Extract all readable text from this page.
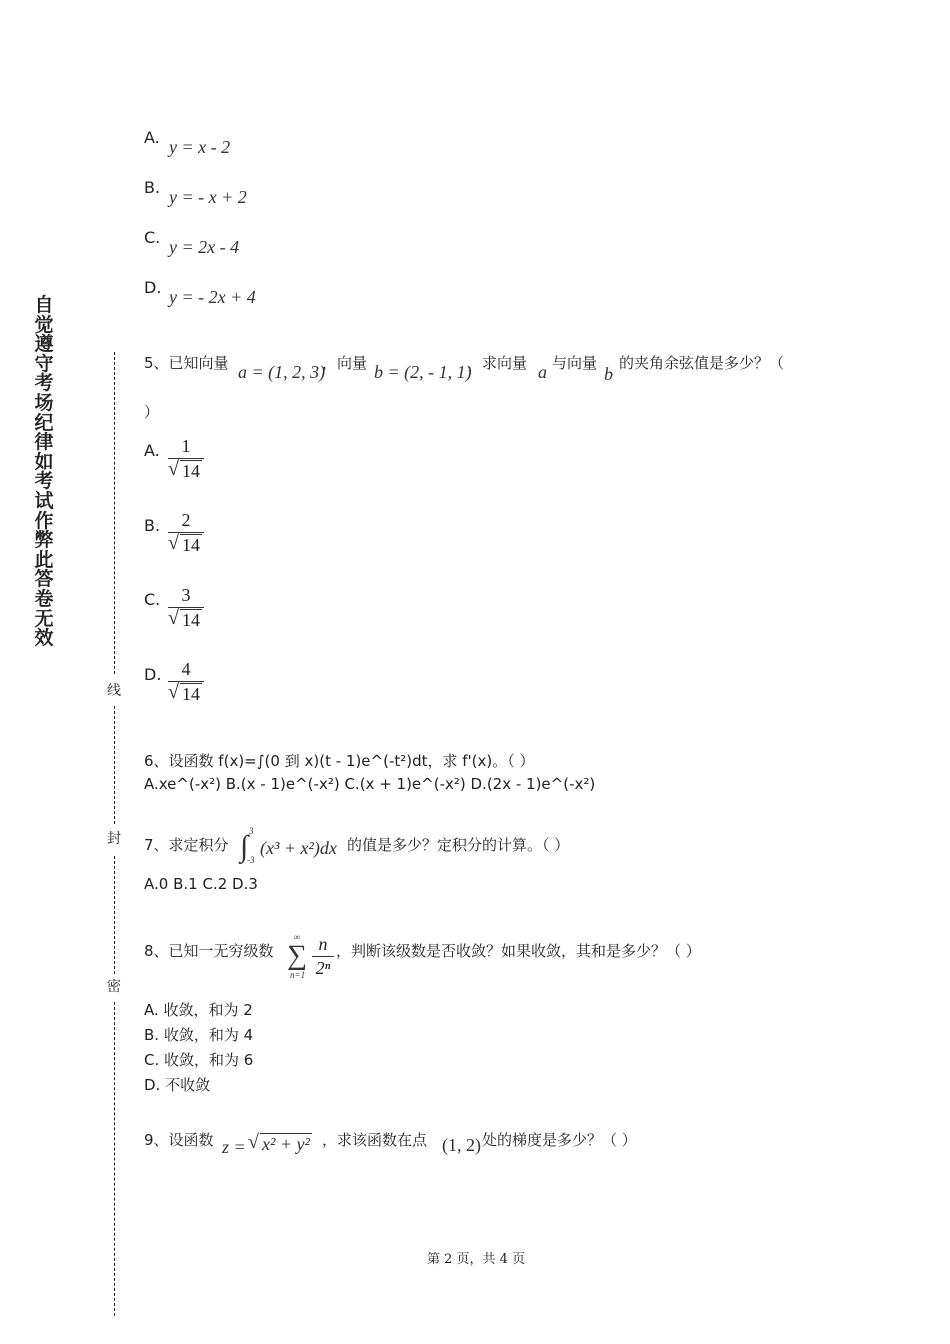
自觉遵守考场纪律如考试作弊此答卷无效
线
封
密
A. y = x - 2
B. y = - x + 2
C. y = 2x - 4
D. y = - 2x + 4
5、已知向量 a = (1, 2, 3)
，向量 b = (2, - 1, 1)
，求向量 a 与向量
b
的夹角余弦值是多少？（
）
A.	1
√ 14
B.	2
√ 14
C.	3
√ 14
D.	4
√ 14
6、设函数 f(x)=∫(0 到 x)(t - 1)e^(-t²)dt，求 f'(x)。（ ）
A.xe^(-x²) B.(x - 1)e^(-x²) C.(x + 1)e^(-x²) D.(2x - 1)e^(-x²)
7、求定积分 ∫ 3
-3
(x³ + x²)dx 的值是多少？定积分的计算。（ ）
A.0 B.1 C.2 D.3
8、已知一无穷级数
∞
∑
n=1
n
2ⁿ
，判断该级数是否收敛？如果收敛，其和是多少？（ ）
A. 收敛，和为 2
B. 收敛，和为 4
C. 收敛，和为 6
D. 不收敛
9、设函数 z = √ x² + y² ，求该函数在点 (1, 2) 处的梯度是多少？（ ）
第 2 页，共 4 页
